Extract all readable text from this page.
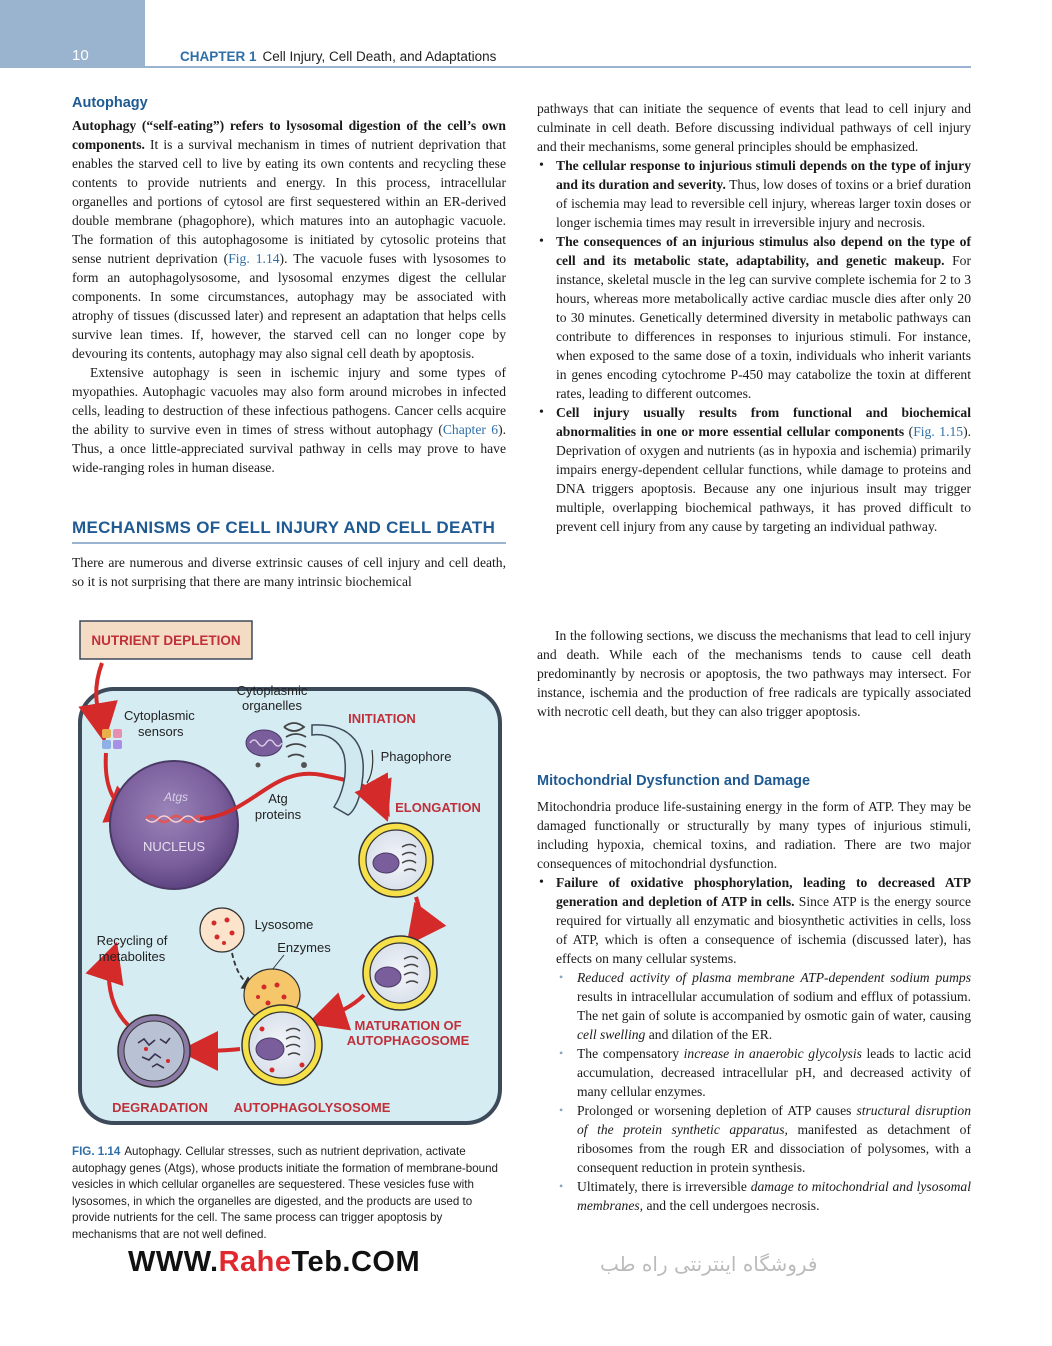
10	CHAPTER 1 Cell Injury, Cell Death, and Adaptations
Autophagy

Autophagy (“self-eating”) refers to lysosomal digestion of the cell’s own components. It is a survival mechanism in times of nutrient deprivation that enables the starved cell to live by eating its own contents and recycling these contents to provide nutrients and energy. In this process, intracellular organelles and portions of cytosol are first sequestered within an ER-derived double membrane (phagophore), which matures into an autophagic vacuole. The formation of this autophagosome is initiated by cytosolic proteins that sense nutrient deprivation (Fig. 1.14). The vacuole fuses with lysosomes to form an autophagolysosome, and lysosomal enzymes digest the cellular components. In some circumstances, autophagy may be associated with atrophy of tissues (discussed later) and represent an adaptation that helps cells survive lean times. If, however, the starved cell can no longer cope by devouring its contents, autophagy may also signal cell death by apoptosis.

Extensive autophagy is seen in ischemic injury and some types of myopathies. Autophagic vacuoles may also form around microbes in infected cells, leading to destruction of these infectious pathogens. Cancer cells acquire the ability to survive even in times of stress without autophagy (Chapter 6). Thus, a once little-appreciated survival pathway in cells may prove to have wide-ranging roles in human disease.

MECHANISMS OF CELL INJURY AND CELL DEATH

There are numerous and diverse extrinsic causes of cell injury and cell death, so it is not surprising that there are many intrinsic biochemical

NUTRIENT DEPLETION
Cytoplasmic sensors
Atgs
NUCLEUS
Atg proteins
Cytoplasmic organelles
INITIATION
Phagophore
ELONGATION
MATURATION OF AUTOPHAGOSOME
Lysosome
Enzymes
Recycling of metabolites
DEGRADATION AUTOPHAGOLYSOSOME
FIG. 1.14 Autophagy. Cellular stresses, such as nutrient deprivation, activate autophagy genes (Atgs), whose products initiate the formation of membrane-bound vesicles in which cellular organelles are sequestered. These vesicles fuse with lysosomes, in which the organelles are digested, and the products are used to provide nutrients for the cell. The same process can trigger apoptosis by mechanisms that are not well defined.
WWW.RaheTeb.COM	فروشگاه اینترنتی راه طب

pathways that can initiate the sequence of events that lead to cell injury and culminate in cell death. Before discussing individual pathways of cell injury and their mechanisms, some general principles should be emphasized.

• The cellular response to injurious stimuli depends on the type of injury and its duration and severity. Thus, low doses of toxins or a brief duration of ischemia may lead to reversible cell injury, whereas larger toxin doses or longer ischemia times may result in irreversible injury and necrosis.
• The consequences of an injurious stimulus also depend on the type of cell and its metabolic state, adaptability, and genetic makeup. For instance, skeletal muscle in the leg can survive complete ischemia for 2 to 3 hours, whereas more metabolically active cardiac muscle dies after only 20 to 30 minutes. Genetically determined diversity in metabolic pathways can contribute to differences in responses to injurious stimuli. For instance, when exposed to the same dose of a toxin, individuals who inherit variants in genes encoding cytochrome P-450 may catabolize the toxin at different rates, leading to different outcomes.
• Cell injury usually results from functional and biochemical abnormalities in one or more essential cellular components (Fig. 1.15). Deprivation of oxygen and nutrients (as in hypoxia and ischemia) primarily impairs energy-dependent cellular functions, while damage to proteins and DNA triggers apoptosis. Because any one injurious insult may trigger multiple, overlapping biochemical pathways, it has proved difficult to prevent cell injury from any cause by targeting an individual pathway.

In the following sections, we discuss the mechanisms that lead to cell injury and death. While each of the mechanisms tends to cause cell death predominantly by necrosis or apoptosis, the two pathways may intersect. For instance, ischemia and the production of free radicals are typically associated with necrotic cell death, but they can also trigger apoptosis.

Mitochondrial Dysfunction and Damage

Mitochondria produce life-sustaining energy in the form of ATP. They may be damaged functionally or structurally by many types of injurious stimuli, including hypoxia, chemical toxins, and radiation. There are two major consequences of mitochondrial dysfunction.

• Failure of oxidative phosphorylation, leading to decreased ATP generation and depletion of ATP in cells. Since ATP is the energy source required for virtually all enzymatic and biosynthetic activities in cells, loss of ATP, which is often a consequence of ischemia (discussed later), has effects on many cellular systems.
• Reduced activity of plasma membrane ATP-dependent sodium pumps results in intracellular accumulation of sodium and efflux of potassium. The net gain of solute is accompanied by osmotic gain of water, causing cell swelling and dilation of the ER.
• The compensatory increase in anaerobic glycolysis leads to lactic acid accumulation, decreased intracellular pH, and decreased activity of many cellular enzymes.
• Prolonged or worsening depletion of ATP causes structural disruption of the protein synthetic apparatus, manifested as detachment of ribosomes from the rough ER and dissociation of polysomes, with a consequent reduction in protein synthesis.
• Ultimately, there is irreversible damage to mitochondrial and lysosomal membranes, and the cell undergoes necrosis.
